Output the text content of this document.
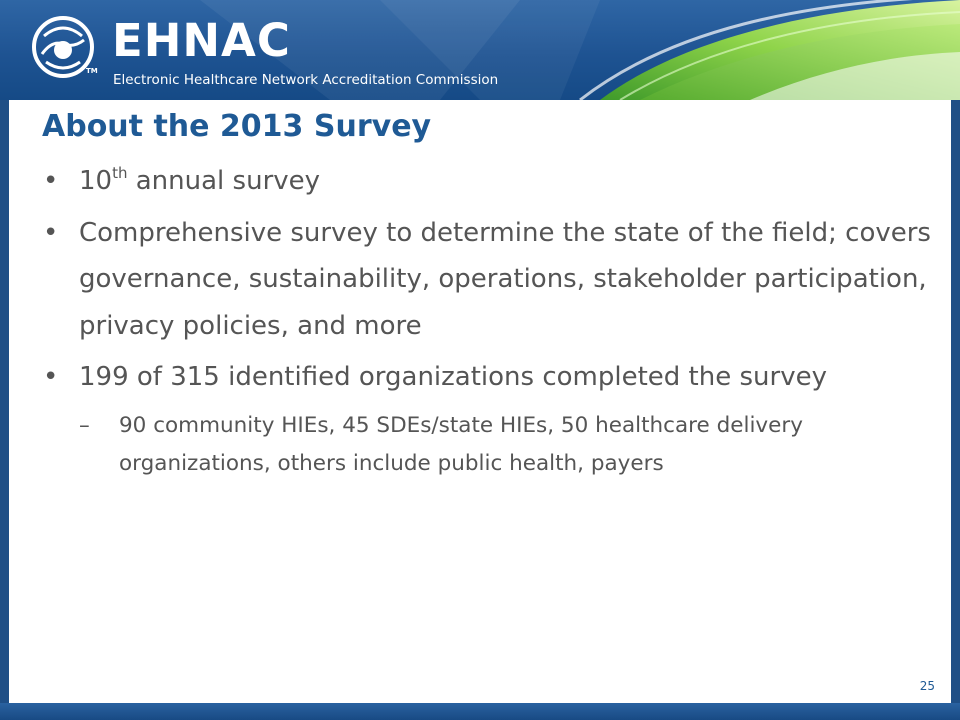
TM
EHNAC
Electronic Healthcare Network Accreditation Commission
About the 2013 Survey
• 10th annual survey
• Comprehensive survey to determine the state of the field; covers governance, sustainability, operations, stakeholder participation, privacy policies, and more
• 199 of 315 identified organizations completed the survey
– 90 community HIEs, 45 SDEs/state HIEs, 50 healthcare delivery organizations, others include public health, payers
25
